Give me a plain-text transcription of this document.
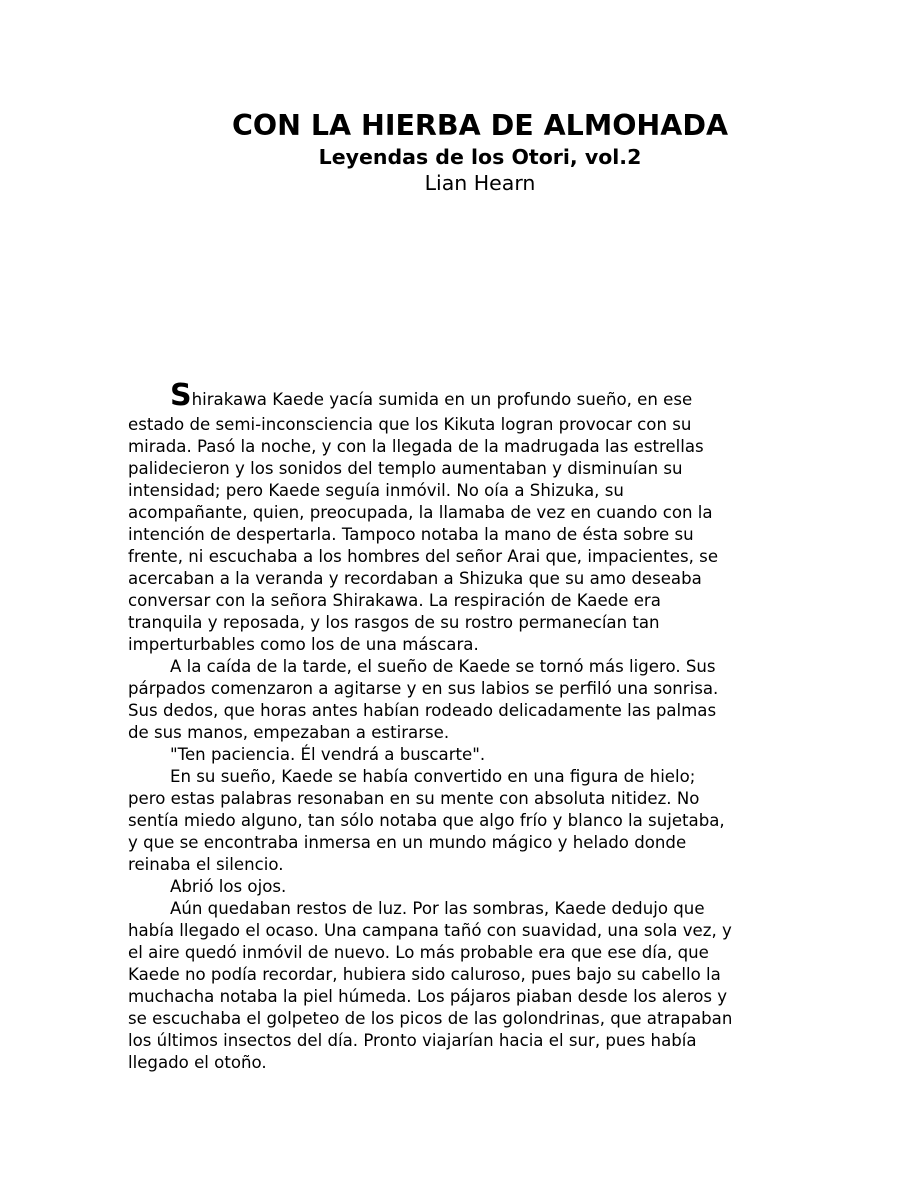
CON LA HIERBA DE ALMOHADA
Leyendas de los Otori, vol.2
Lian Hearn
Shirakawa Kaede yacía sumida en un profundo sueño, en ese
estado de semi-inconsciencia que los Kikuta logran provocar con su
mirada. Pasó la noche, y con la llegada de la madrugada las estrellas
palidecieron y los sonidos del templo aumentaban y disminuían su
intensidad; pero Kaede seguía inmóvil. No oía a Shizuka, su
acompañante, quien, preocupada, la llamaba de vez en cuando con la
intención de despertarla. Tampoco notaba la mano de ésta sobre su
frente, ni escuchaba a los hombres del señor Arai que, impacientes, se
acercaban a la veranda y recordaban a Shizuka que su amo deseaba
conversar con la señora Shirakawa. La respiración de Kaede era
tranquila y reposada, y los rasgos de su rostro permanecían tan
imperturbables como los de una máscara.
A la caída de la tarde, el sueño de Kaede se tornó más ligero. Sus
párpados comenzaron a agitarse y en sus labios se perfiló una sonrisa.
Sus dedos, que horas antes habían rodeado delicadamente las palmas
de sus manos, empezaban a estirarse.
"Ten paciencia. Él vendrá a buscarte".
En su sueño, Kaede se había convertido en una figura de hielo;
pero estas palabras resonaban en su mente con absoluta nitidez. No
sentía miedo alguno, tan sólo notaba que algo frío y blanco la sujetaba,
y que se encontraba inmersa en un mundo mágico y helado donde
reinaba el silencio.
Abrió los ojos.
Aún quedaban restos de luz. Por las sombras, Kaede dedujo que
había llegado el ocaso. Una campana tañó con suavidad, una sola vez, y
el aire quedó inmóvil de nuevo. Lo más probable era que ese día, que
Kaede no podía recordar, hubiera sido caluroso, pues bajo su cabello la
muchacha notaba la piel húmeda. Los pájaros piaban desde los aleros y
se escuchaba el golpeteo de los picos de las golondrinas, que atrapaban
los últimos insectos del día. Pronto viajarían hacia el sur, pues había
llegado el otoño.
